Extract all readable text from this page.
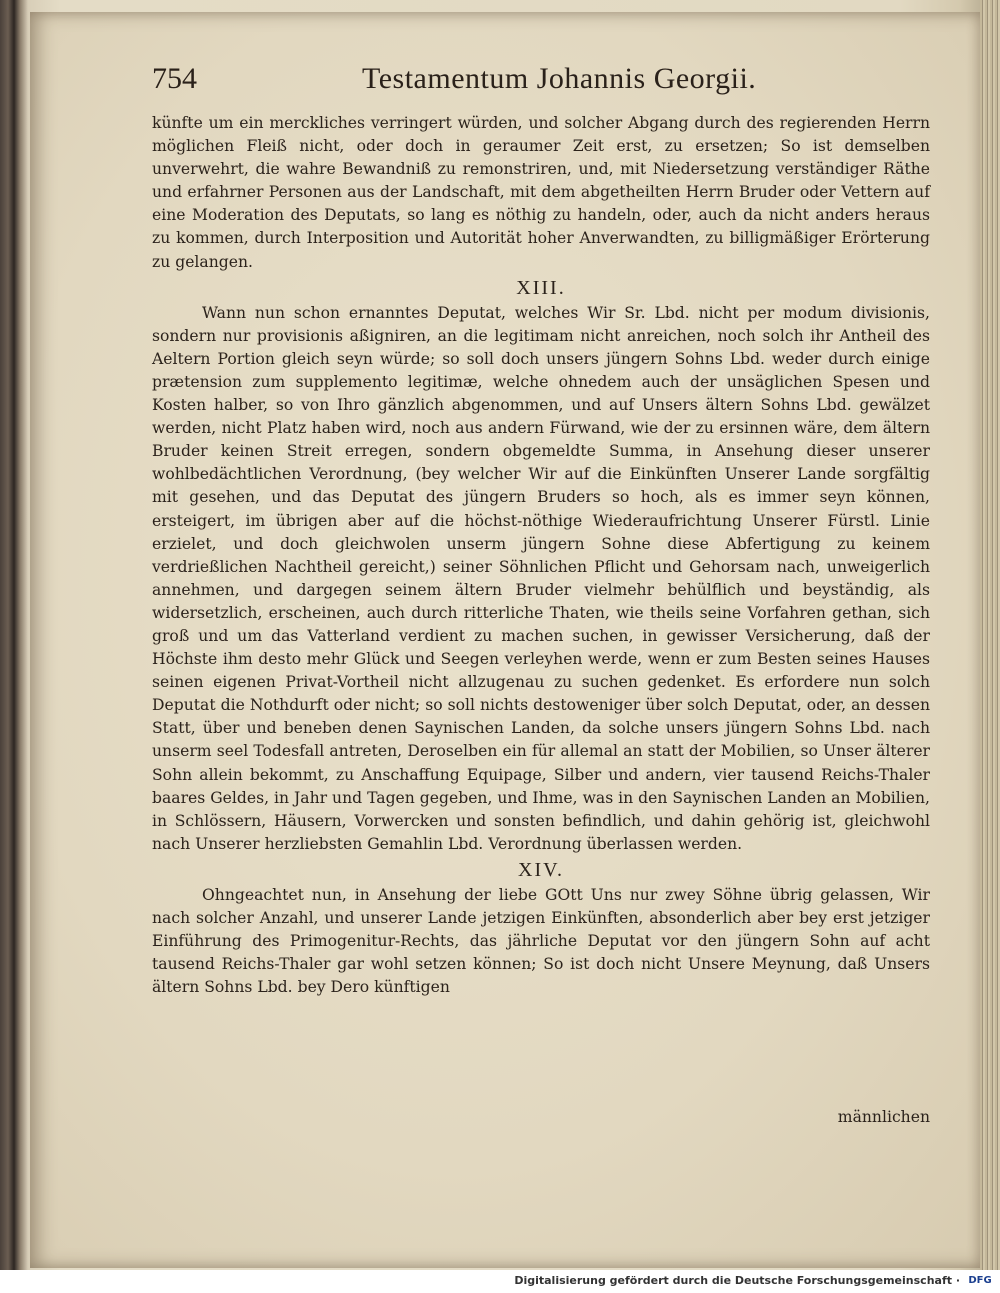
754	Testamentum Johannis Georgii.

künfte um ein merckliches verringert würden, und solcher Abgang durch des regierenden Herrn möglichen Fleiß nicht, oder doch in geraumer Zeit erst, zu ersetzen; So ist demselben unverwehrt, die wahre Bewandniß zu remonstriren, und, mit Niedersetzung verständiger Räthe und erfahrner Personen aus der Landschaft, mit dem abgetheilten Herrn Bruder oder Vettern auf eine Moderation des Deputats, so lang es nöthig zu handeln, oder, auch da nicht anders heraus zu kommen, durch Interposition und Autorität hoher Anverwandten, zu billigmäßiger Erörterung zu gelangen.

XIII.

Wann nun schon ernanntes Deputat, welches Wir Sr. Lbd. nicht per modum divisionis, sondern nur provisionis aßigniren, an die legitimam nicht anreichen, noch solch ihr Antheil des Aeltern Portion gleich seyn würde; so soll doch unsers jüngern Sohns Lbd. weder durch einige prætension zum supplemento legitimæ, welche ohnedem auch der unsäglichen Spesen und Kosten halber, so von Ihro gänzlich abgenommen, und auf Unsers ältern Sohns Lbd. gewälzet werden, nicht Platz haben wird, noch aus andern Fürwand, wie der zu ersinnen wäre, dem ältern Bruder keinen Streit erregen, sondern obgemeldte Summa, in Ansehung dieser unserer wohlbedächtlichen Verordnung, (bey welcher Wir auf die Einkünften Unserer Lande sorgfältig mit gesehen, und das Deputat des jüngern Bruders so hoch, als es immer seyn können, ersteigert, im übrigen aber auf die höchst-nöthige Wiederaufrichtung Unserer Fürstl. Linie erzielet, und doch gleichwolen unserm jüngern Sohne diese Abfertigung zu keinem verdrießlichen Nachtheil gereicht,) seiner Söhnlichen Pflicht und Gehorsam nach, unweigerlich annehmen, und dargegen seinem ältern Bruder vielmehr behülflich und beyständig, als widersetzlich, erscheinen, auch durch ritterliche Thaten, wie theils seine Vorfahren gethan, sich groß und um das Vatterland verdient zu machen suchen, in gewisser Versicherung, daß der Höchste ihm desto mehr Glück und Seegen verleyhen werde, wenn er zum Besten seines Hauses seinen eigenen Privat-Vortheil nicht allzugenau zu suchen gedenket. Es erfordere nun solch Deputat die Nothdurft oder nicht; so soll nichts destoweniger über solch Deputat, oder, an dessen Statt, über und beneben denen Saynischen Landen, da solche unsers jüngern Sohns Lbd. nach unserm seel Todesfall antreten, Deroselben ein für allemal an statt der Mobilien, so Unser älterer Sohn allein bekommt, zu Anschaffung Equipage, Silber und andern, vier tausend Reichs-Thaler baares Geldes, in Jahr und Tagen gegeben, und Ihme, was in den Saynischen Landen an Mobilien, in Schlössern, Häusern, Vorwercken und sonsten befindlich, und dahin gehörig ist, gleichwohl nach Unserer herzliebsten Gemahlin Lbd. Verordnung überlassen werden.

XIV.

Ohngeachtet nun, in Ansehung der liebe GOtt Uns nur zwey Söhne übrig gelassen, Wir nach solcher Anzahl, und unserer Lande jetzigen Einkünften, absonderlich aber bey erst jetziger Einführung des Primogenitur-Rechts, das jährliche Deputat vor den jüngern Sohn auf acht tausend Reichs-Thaler gar wohl setzen können; So ist doch nicht Unsere Meynung, daß Unsers ältern Sohns Lbd. bey Dero künftigen

männlichen
Digitalisierung gefördert durch die Deutsche Forschungsgemeinschaft · DFG
